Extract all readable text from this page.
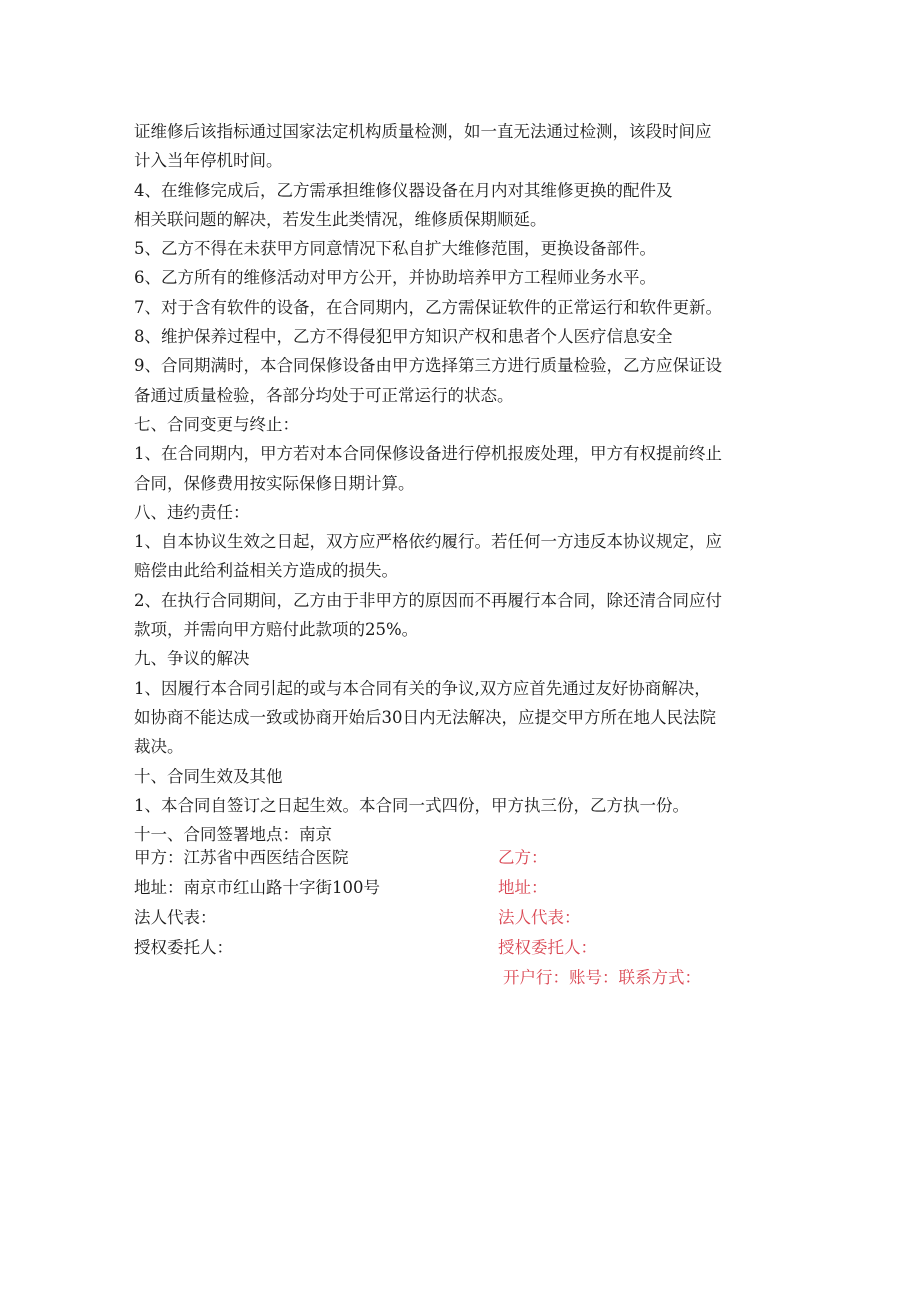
证维修后该指标通过国家法定机构质量检测，如一直无法通过检测，该段时间应
计入当年停机时间。
4、在维修完成后，乙方需承担维修仪器设备在月内对其维修更换的配件及
相关联问题的解决，若发生此类情况，维修质保期顺延。
5、乙方不得在未获甲方同意情况下私自扩大维修范围，更换设备部件。
6、乙方所有的维修活动对甲方公开，并协助培养甲方工程师业务水平。
7、对于含有软件的设备，在合同期内，乙方需保证软件的正常运行和软件更新。
8、维护保养过程中，乙方不得侵犯甲方知识产权和患者个人医疗信息安全
9、合同期满时，本合同保修设备由甲方选择第三方进行质量检验，乙方应保证设
备通过质量检验，各部分均处于可正常运行的状态。
七、合同变更与终止：
1、在合同期内，甲方若对本合同保修设备进行停机报废处理，甲方有权提前终止
合同，保修费用按实际保修日期计算。
八、违约责任：
1、自本协议生效之日起，双方应严格依约履行。若任何一方违反本协议规定，应
赔偿由此给利益相关方造成的损失。
2、在执行合同期间，乙方由于非甲方的原因而不再履行本合同，除还清合同应付
款项，并需向甲方赔付此款项的25%。
九、争议的解决
1、因履行本合同引起的或与本合同有关的争议,双方应首先通过友好协商解决，
如协商不能达成一致或协商开始后30日内无法解决，应提交甲方所在地人民法院
裁决。
十、合同生效及其他
1、本合同自签订之日起生效。本合同一式四份，甲方执三份，乙方执一份。
十一、合同签署地点：南京
甲方：江苏省中西医结合医院	乙方：
地址：南京市红山路十字街100号	地址：
法人代表：	法人代表：
授权委托人：	授权委托人：
开户行：账号：联系方式：
